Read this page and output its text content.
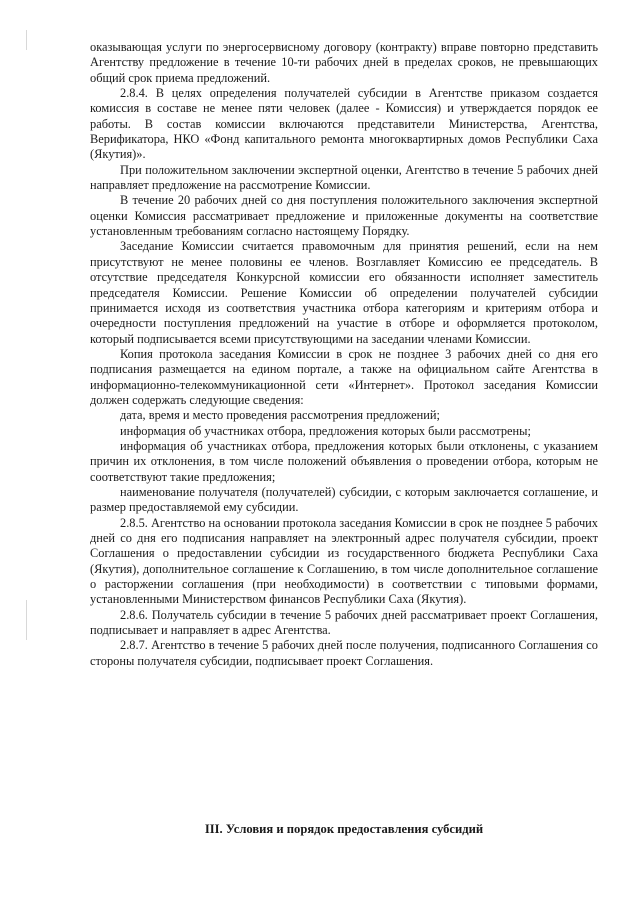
оказывающая услуги по энергосервисному договору (контракту) вправе повторно представить Агентству предложение в течение 10-ти рабочих дней в пределах сроков, не превышающих общий срок приема предложений.

2.8.4. В целях определения получателей субсидии в Агентстве приказом создается комиссия в составе не менее пяти человек (далее - Комиссия) и утверждается порядок ее работы. В состав комиссии включаются представители Министерства, Агентства, Верификатора, НКО «Фонд капитального ремонта многоквартирных домов Республики Саха (Якутия)».

При положительном заключении экспертной оценки, Агентство в течение 5 рабочих дней направляет предложение на рассмотрение Комиссии.

В течение 20 рабочих дней со дня поступления положительного заключения экспертной оценки Комиссия рассматривает предложение и приложенные документы на соответствие установленным требованиям согласно настоящему Порядку.

Заседание Комиссии считается правомочным для принятия решений, если на нем присутствуют не менее половины ее членов. Возглавляет Комиссию ее председатель. В отсутствие председателя Конкурсной комиссии его обязанности исполняет заместитель председателя Комиссии. Решение Комиссии об определении получателей субсидии принимается исходя из соответствия участника отбора категориям и критериям отбора и очередности поступления предложений на участие в отборе и оформляется протоколом, который подписывается всеми присутствующими на заседании членами Комиссии.

Копия протокола заседания Комиссии в срок не позднее 3 рабочих дней со дня его подписания размещается на едином портале, а также на официальном сайте Агентства в информационно-телекоммуникационной сети «Интернет». Протокол заседания Комиссии должен содержать следующие сведения:

дата, время и место проведения рассмотрения предложений;

информация об участниках отбора, предложения которых были рассмотрены;

информация об участниках отбора, предложения которых были отклонены, с указанием причин их отклонения, в том числе положений объявления о проведении отбора, которым не соответствуют такие предложения;

наименование получателя (получателей) субсидии, с которым заключается соглашение, и размер предоставляемой ему субсидии.

2.8.5. Агентство на основании протокола заседания Комиссии в срок не позднее 5 рабочих дней со дня его подписания направляет на электронный адрес получателя субсидии, проект Соглашения о предоставлении субсидии из государственного бюджета Республики Саха (Якутия), дополнительное соглашение к Соглашению, в том числе дополнительное соглашение о расторжении соглашения (при необходимости) в соответствии с типовыми формами, установленными Министерством финансов Республики Саха (Якутия).

2.8.6. Получатель субсидии в течение 5 рабочих дней рассматривает проект Соглашения, подписывает и направляет в адрес Агентства.

2.8.7. Агентство в течение 5 рабочих дней после получения, подписанного Соглашения со стороны получателя субсидии, подписывает проект Соглашения.

III. Условия и порядок предоставления субсидий
